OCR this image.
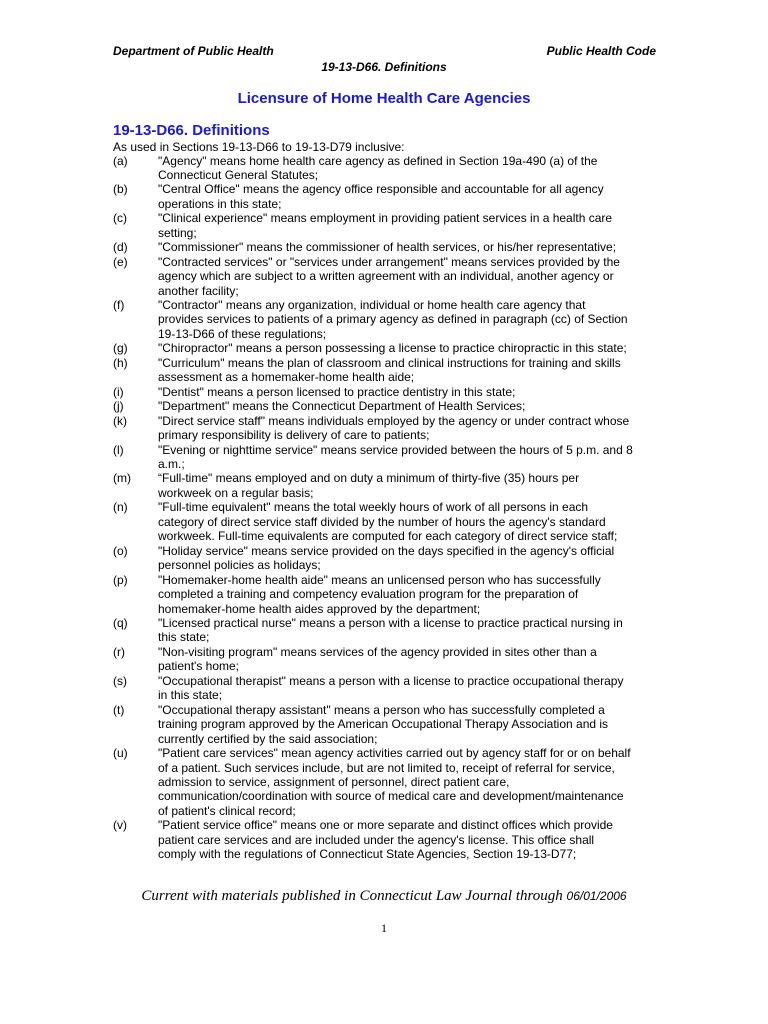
Department of Public Health	Public Health Code
19-13-D66. Definitions
Licensure of Home Health Care Agencies
19-13-D66. Definitions
As used in Sections 19-13-D66 to 19-13-D79 inclusive:
(a)	"Agency" means home health care agency as defined in Section 19a-490 (a) of the
Connecticut General Statutes;
(b)	"Central Office" means the agency office responsible and accountable for all agency
operations in this state;
(c)	"Clinical experience" means employment in providing patient services in a health care
setting;
(d)	"Commissioner" means the commissioner of health services, or his/her representative;
(e)	"Contracted services" or "services under arrangement" means services provided by the
agency which are subject to a written agreement with an individual, another agency or
another facility;
(f)	"Contractor" means any organization, individual or home health care agency that
provides services to patients of a primary agency as defined in paragraph (cc) of Section
19-13-D66 of these regulations;
(g)	"Chiropractor" means a person possessing a license to practice chiropractic in this state;
(h)	"Curriculum" means the plan of classroom and clinical instructions for training and skills
assessment as a homemaker-home health aide;
(i)	"Dentist" means a person licensed to practice dentistry in this state;
(j)	"Department" means the Connecticut Department of Health Services;
(k)	"Direct service staff" means individuals employed by the agency or under contract whose
primary responsibility is delivery of care to patients;
(l)	"Evening or nighttime service" means service provided between the hours of 5 p.m. and 8
a.m.;
(m)	“Full-time" means employed and on duty a minimum of thirty-five (35) hours per
workweek on a regular basis;
(n)	"Full-time equivalent" means the total weekly hours of work of all persons in each
category of direct service staff divided by the number of hours the agency's standard
workweek. Full-time equivalents are computed for each category of direct service staff;
(o)	"Holiday service" means service provided on the days specified in the agency's official
personnel policies as holidays;
(p)	"Homemaker-home health aide" means an unlicensed person who has successfully
completed a training and competency evaluation program for the preparation of
homemaker-home health aides approved by the department;
(q)	"Licensed practical nurse" means a person with a license to practice practical nursing in
this state;
(r)	"Non-visiting program" means services of the agency provided in sites other than a
patient's home;
(s)	"Occupational therapist" means a person with a license to practice occupational therapy
in this state;
(t)	"Occupational therapy assistant" means a person who has successfully completed a
training program approved by the American Occupational Therapy Association and is
currently certified by the said association;
(u)	"Patient care services" mean agency activities carried out by agency staff for or on behalf
of a patient. Such services include, but are not limited to, receipt of referral for service,
admission to service, assignment of personnel, direct patient care,
communication/coordination with source of medical care and development/maintenance
of patient's clinical record;
(v)	"Patient service office" means one or more separate and distinct offices which provide
patient care services and are included under the agency's license. This office shall
comply with the regulations of Connecticut State Agencies, Section 19-13-D77;
Current with materials published in Connecticut Law Journal through 06/01/2006
1
